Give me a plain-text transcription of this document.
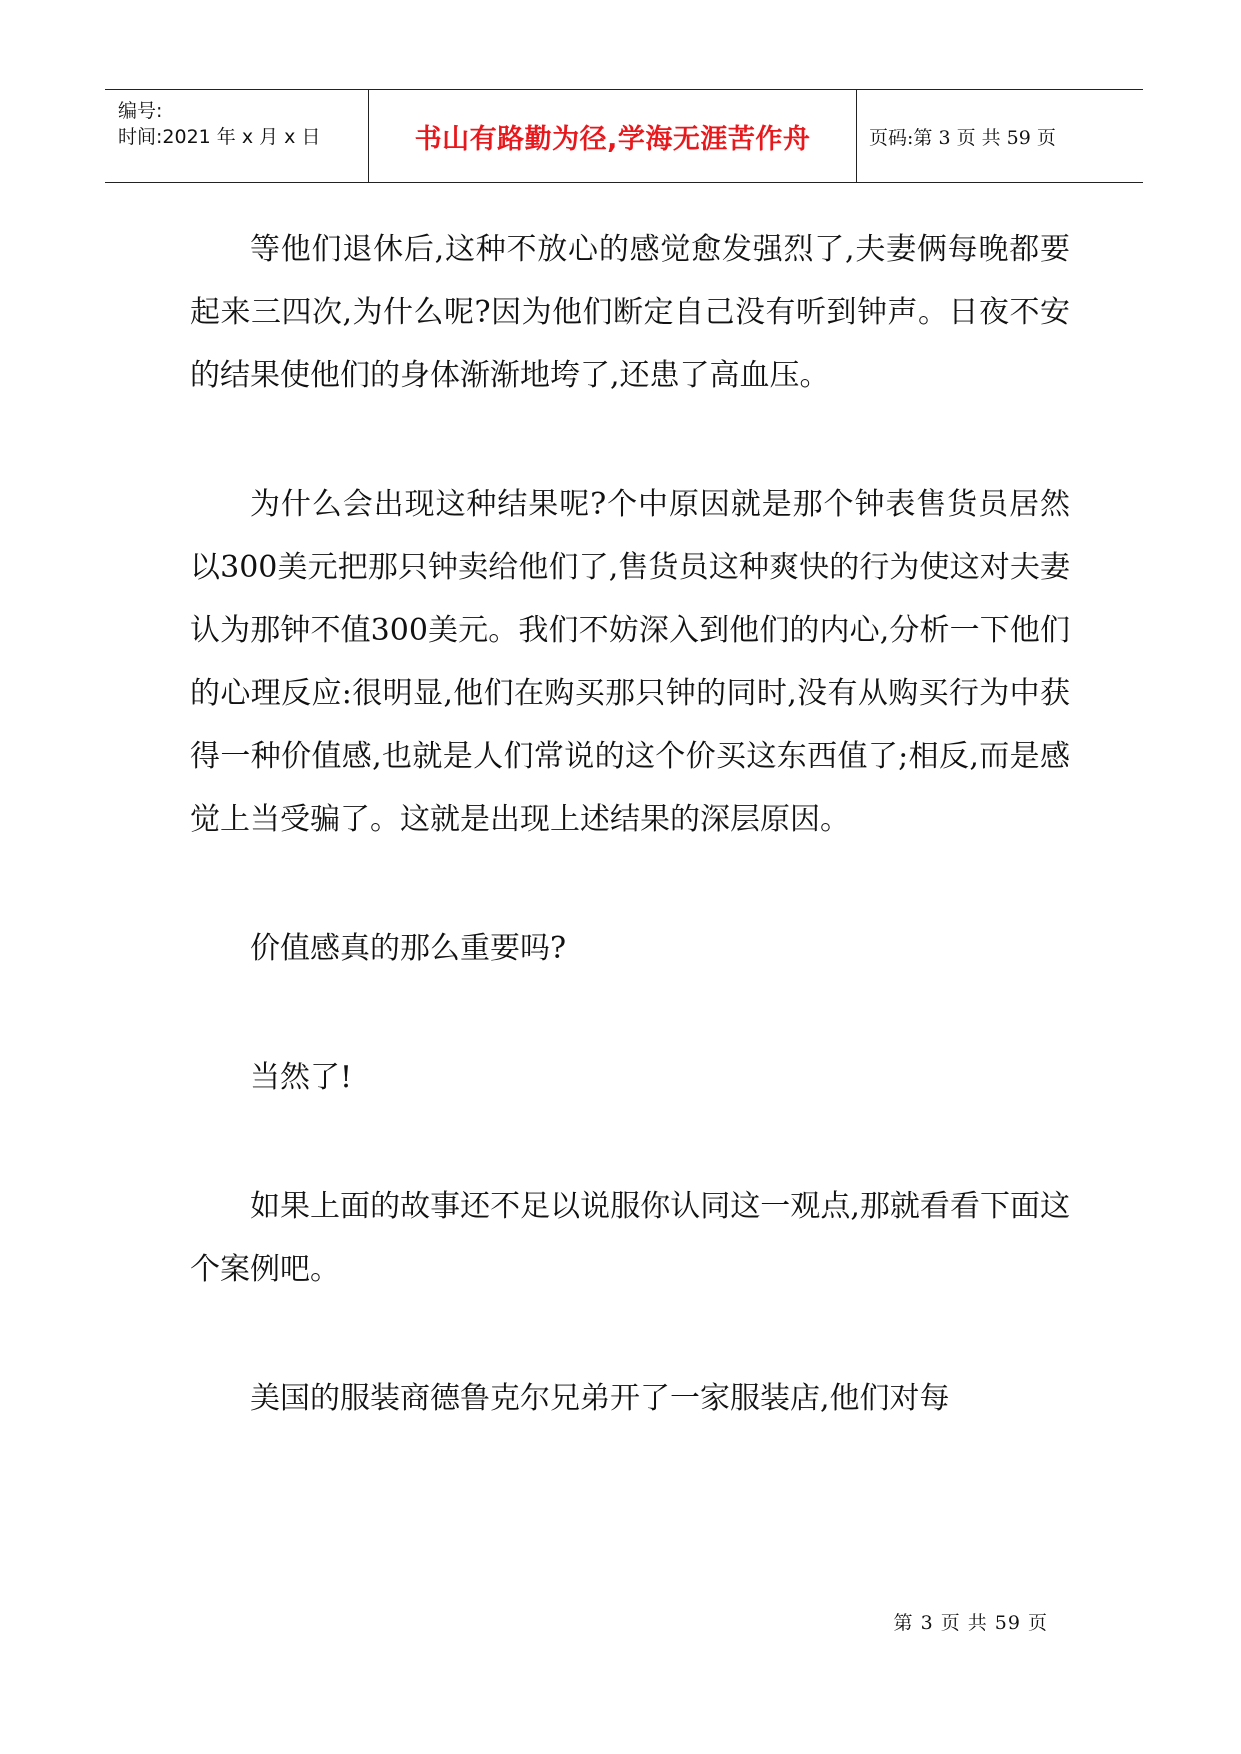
编号:
时间:2021 年 x 月 x 日	书山有路勤为径,学海无涯苦作舟	页码:第 3 页 共 59 页

等他们退休后,这种不放心的感觉愈发强烈了,夫妻俩每晚都要起来三四次,为什么呢?因为他们断定自己没有听到钟声。日夜不安的结果使他们的身体渐渐地垮了,还患了高血压。

为什么会出现这种结果呢?个中原因就是那个钟表售货员居然以300美元把那只钟卖给他们了,售货员这种爽快的行为使这对夫妻认为那钟不值300美元。我们不妨深入到他们的内心,分析一下他们的心理反应:很明显,他们在购买那只钟的同时,没有从购买行为中获得一种价值感,也就是人们常说的这个价买这东西值了;相反,而是感觉上当受骗了。这就是出现上述结果的深层原因。

价值感真的那么重要吗?

当然了!

如果上面的故事还不足以说服你认同这一观点,那就看看下面这个案例吧。

美国的服装商德鲁克尔兄弟开了一家服装店,他们对每

第 3 页 共 59 页
